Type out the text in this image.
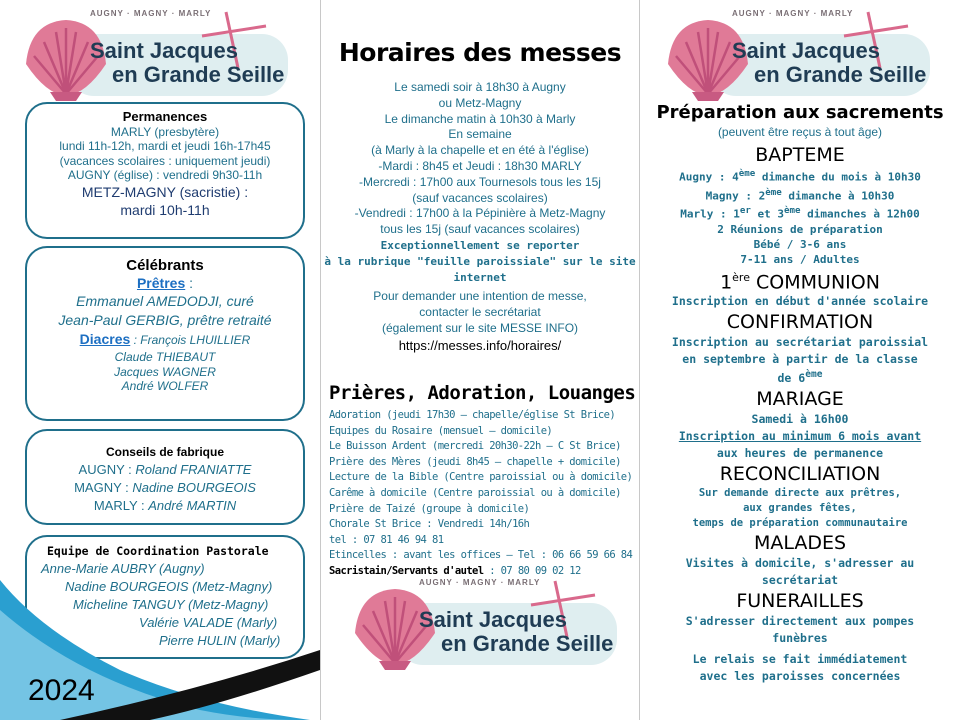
AUGNY · MAGNY · MARLY
Saint Jacques
en Grande Seille
Permanences
MARLY (presbytère)
lundi 11h-12h, mardi et jeudi 16h-17h45
(vacances scolaires : uniquement jeudi)
AUGNY (église) : vendredi 9h30-11h
METZ-MAGNY (sacristie) :
mardi 10h-11h
Célébrants
Prêtres :
Emmanuel AMEDODJI, curé
Jean-Paul GERBIG, prêtre retraité
Diacres : François LHUILLIER
Claude THIEBAUT
Jacques WAGNER
André WOLFER
Conseils de fabrique
AUGNY : Roland FRANIATTE
MAGNY : Nadine BOURGEOIS
MARLY : André MARTIN
Equipe de Coordination Pastorale
Anne-Marie AUBRY (Augny)
Nadine BOURGEOIS (Metz-Magny)
Micheline TANGUY (Metz-Magny)
Valérie VALADE (Marly)
Pierre HULIN (Marly)
2024
Horaires des messes
Le samedi soir à 18h30 à Augny
ou Metz-Magny
Le dimanche matin à 10h30 à Marly
En semaine
(à Marly à la chapelle et en été à l'église)
-Mardi : 8h45 et Jeudi : 18h30 MARLY
-Mercredi : 17h00 aux Tournesols tous les 15j
(sauf vacances scolaires)
-Vendredi : 17h00 à la Pépinière à Metz-Magny
tous les 15j (sauf vacances scolaires)
Exceptionnellement se reporter
à la rubrique "feuille paroissiale" sur le site
internet
Pour demander une intention de messe,
contacter le secrétariat
(également sur le site MESSE INFO)
https://messes.info/horaires/
Prières, Adoration, Louanges
Adoration (jeudi 17h30 – chapelle/église St Brice)
Equipes du Rosaire (mensuel – domicile)
Le Buisson Ardent (mercredi 20h30-22h – C St Brice)
Prière des Mères (jeudi 8h45 – chapelle + domicile)
Lecture de la Bible (Centre paroissial ou à domicile)
Carême à domicile (Centre paroissial ou à domicile)
Prière de Taizé (groupe à domicile)
Chorale St Brice : Vendredi 14h/16h
tel : 07 81 46 94 81
Etincelles : avant les offices – Tel : 06 66 59 66 84
Sacristain/Servants d'autel : 07 80 09 02 12
AUGNY · MAGNY · MARLY
Saint Jacques
en Grande Seille
AUGNY · MAGNY · MARLY
Saint Jacques
en Grande Seille
Préparation aux sacrements
(peuvent être reçus à tout âge)
BAPTEME
Augny : 4ème dimanche du mois à 10h30
Magny : 2ème dimanche à 10h30
Marly : 1er et 3ème dimanches à 12h00
2 Réunions de préparation
Bébé / 3-6 ans
7-11 ans / Adultes
1ère COMMUNION
Inscription en début d'année scolaire
CONFIRMATION
Inscription au secrétariat paroissial
en septembre à partir de la classe
de 6ème
MARIAGE
Samedi à 16h00
Inscription au minimum 6 mois avant
aux heures de permanence
RECONCILIATION
Sur demande directe aux prêtres,
aux grandes fêtes,
temps de préparation communautaire
MALADES
Visites à domicile, s'adresser au
secrétariat
FUNERAILLES
S'adresser directement aux pompes
funèbres
Le relais se fait immédiatement
avec les paroisses concernées
